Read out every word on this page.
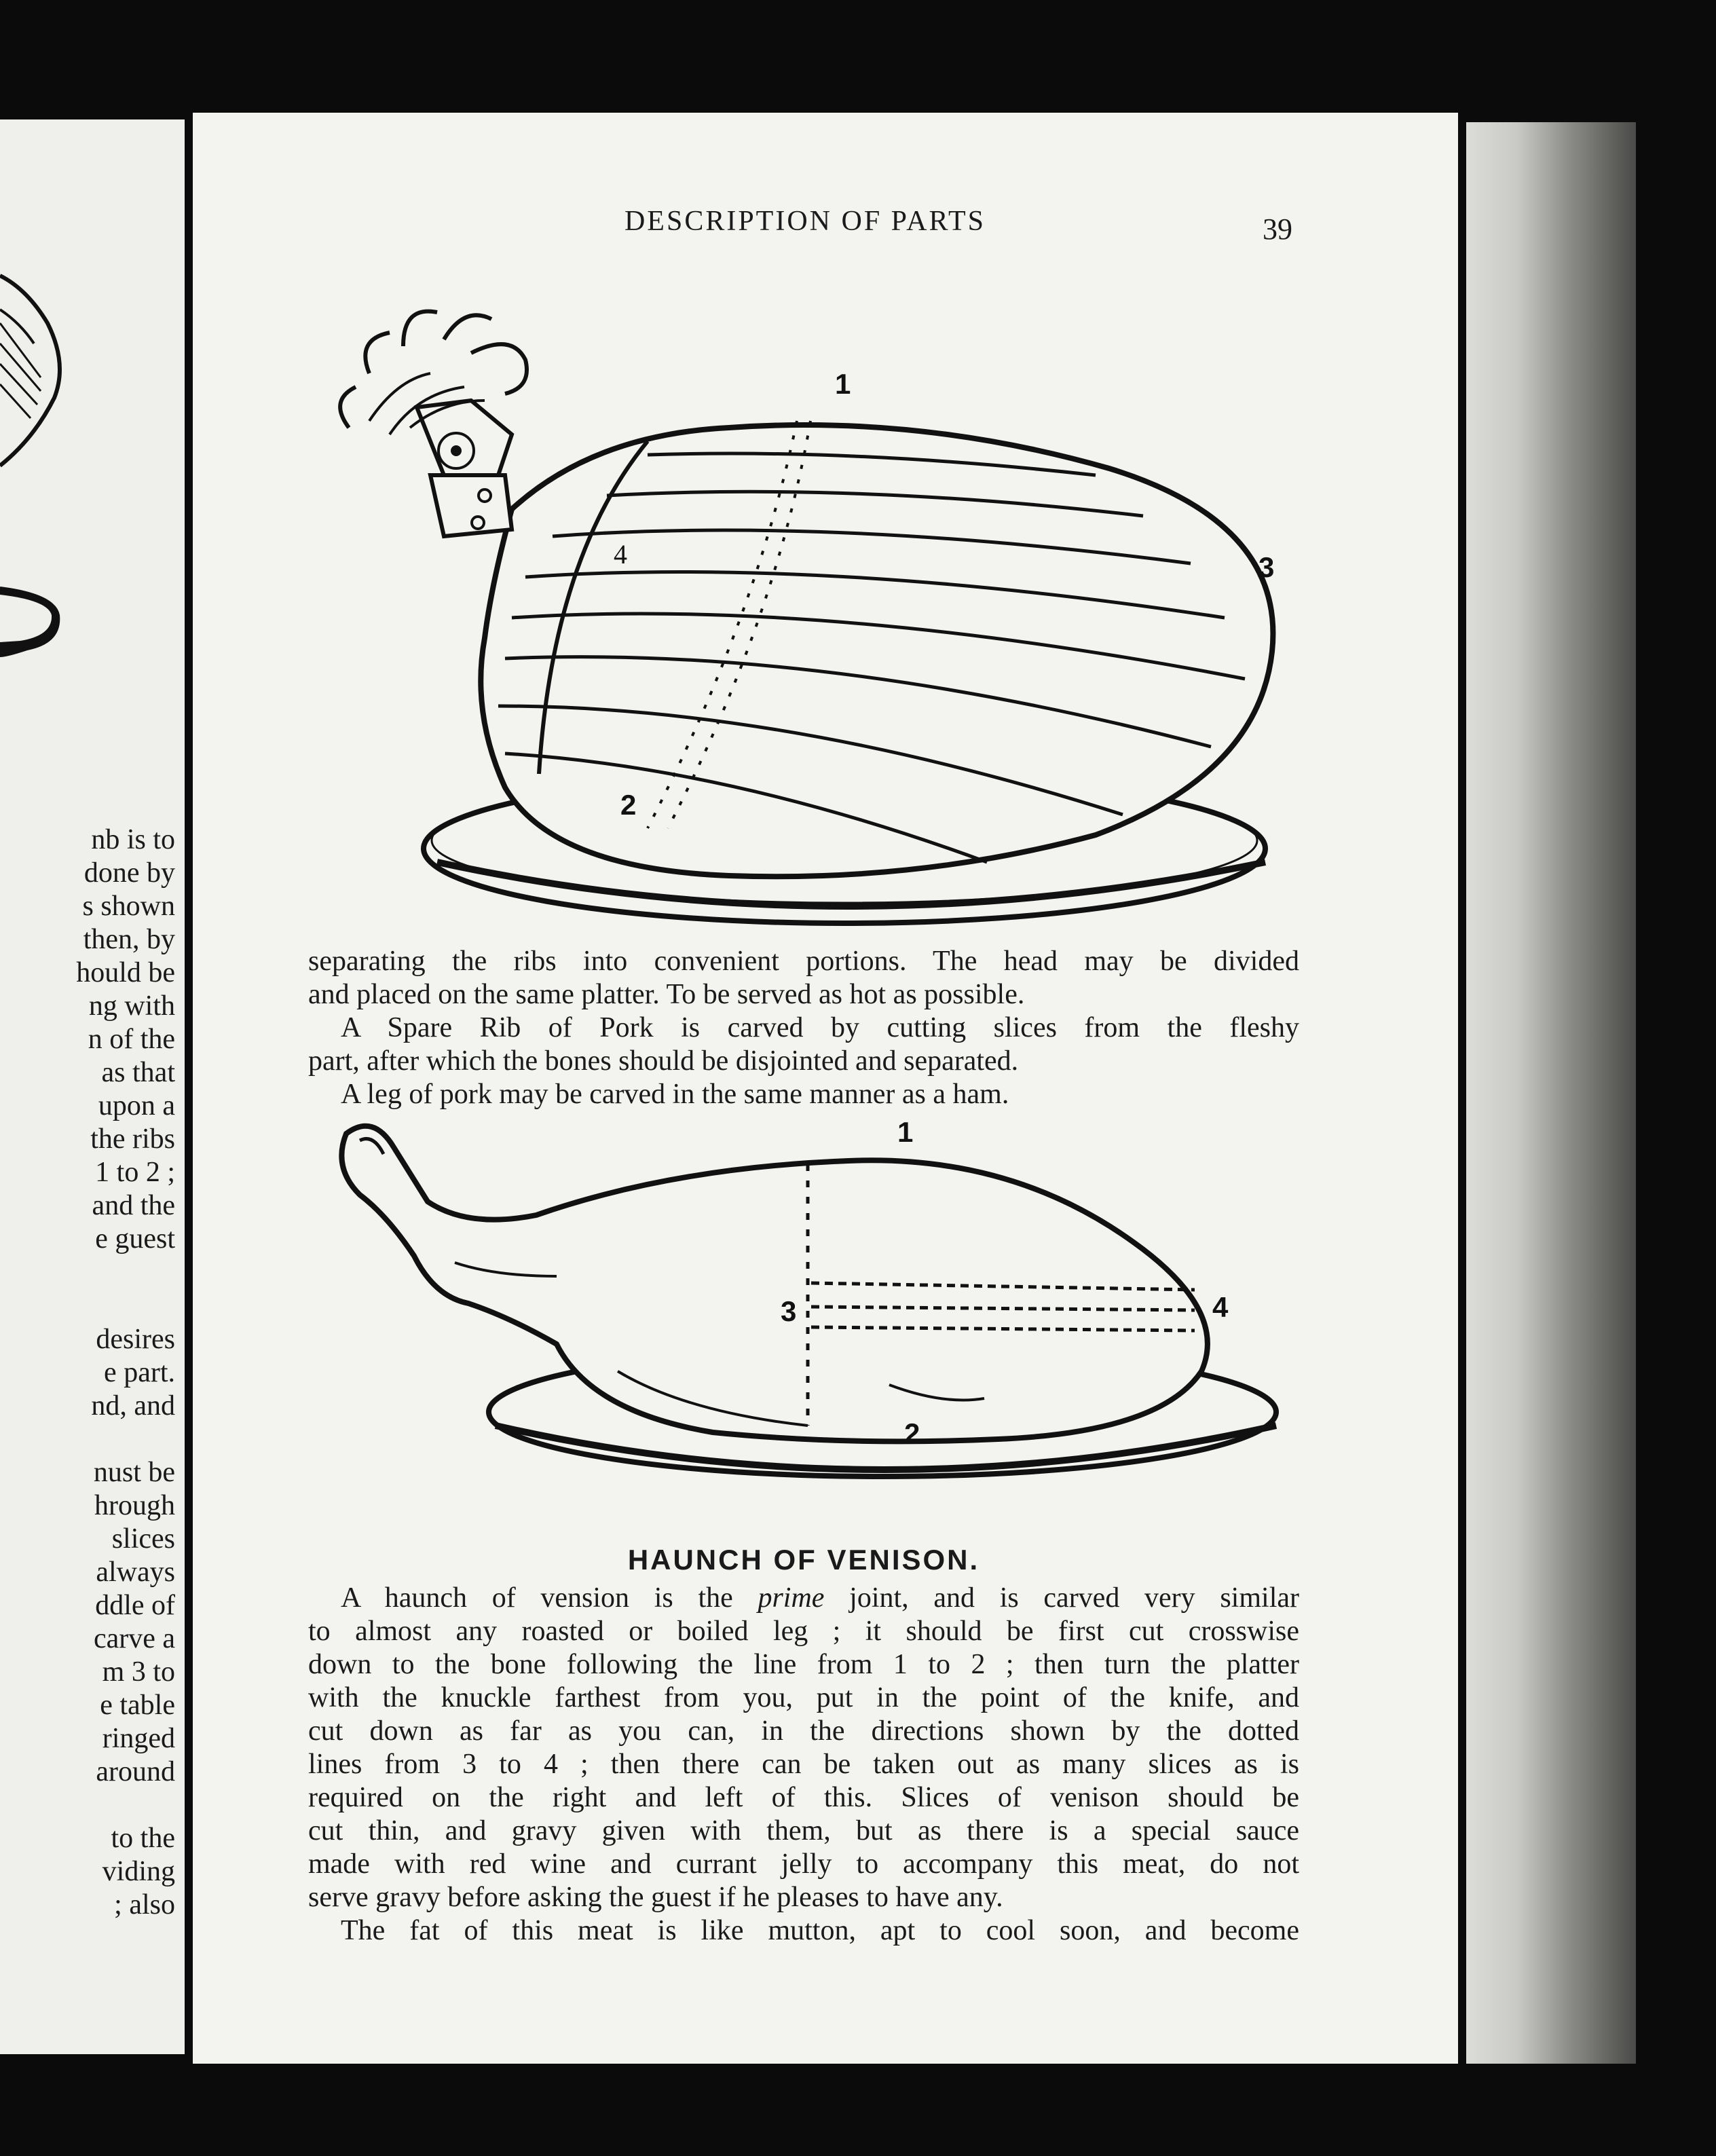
nb is to
done by
s shown
then, by
hould be
ng with
n of the
as that
upon a
the ribs
1 to 2 ;
and the
e guest
desires
e part.
nd, and
nust be
hrough
slices
always
ddle of
carve a
m 3 to
e table
ringed
around
to the
viding
; also
DESCRIPTION OF PARTS	39
1
2
3
4
separating the ribs into convenient portions. The head may be divided
and placed on the same platter. To be served as hot as possible.
A Spare Rib of Pork is carved by cutting slices from the fleshy
part, after which the bones should be disjointed and separated.
A leg of pork may be carved in the same manner as a ham.
1
2
3	4
HAUNCH OF VENISON.
A haunch of vension is the prime joint, and is carved very similar
to almost any roasted or boiled leg ; it should be first cut crosswise
down to the bone following the line from 1 to 2 ; then turn the platter
with the knuckle farthest from you, put in the point of the knife, and
cut down as far as you can, in the directions shown by the dotted
lines from 3 to 4 ; then there can be taken out as many slices as is
required on the right and left of this. Slices of venison should be
cut thin, and gravy given with them, but as there is a special sauce
made with red wine and currant jelly to accompany this meat, do not
serve gravy before asking the guest if he pleases to have any.
The fat of this meat is like mutton, apt to cool soon, and become
